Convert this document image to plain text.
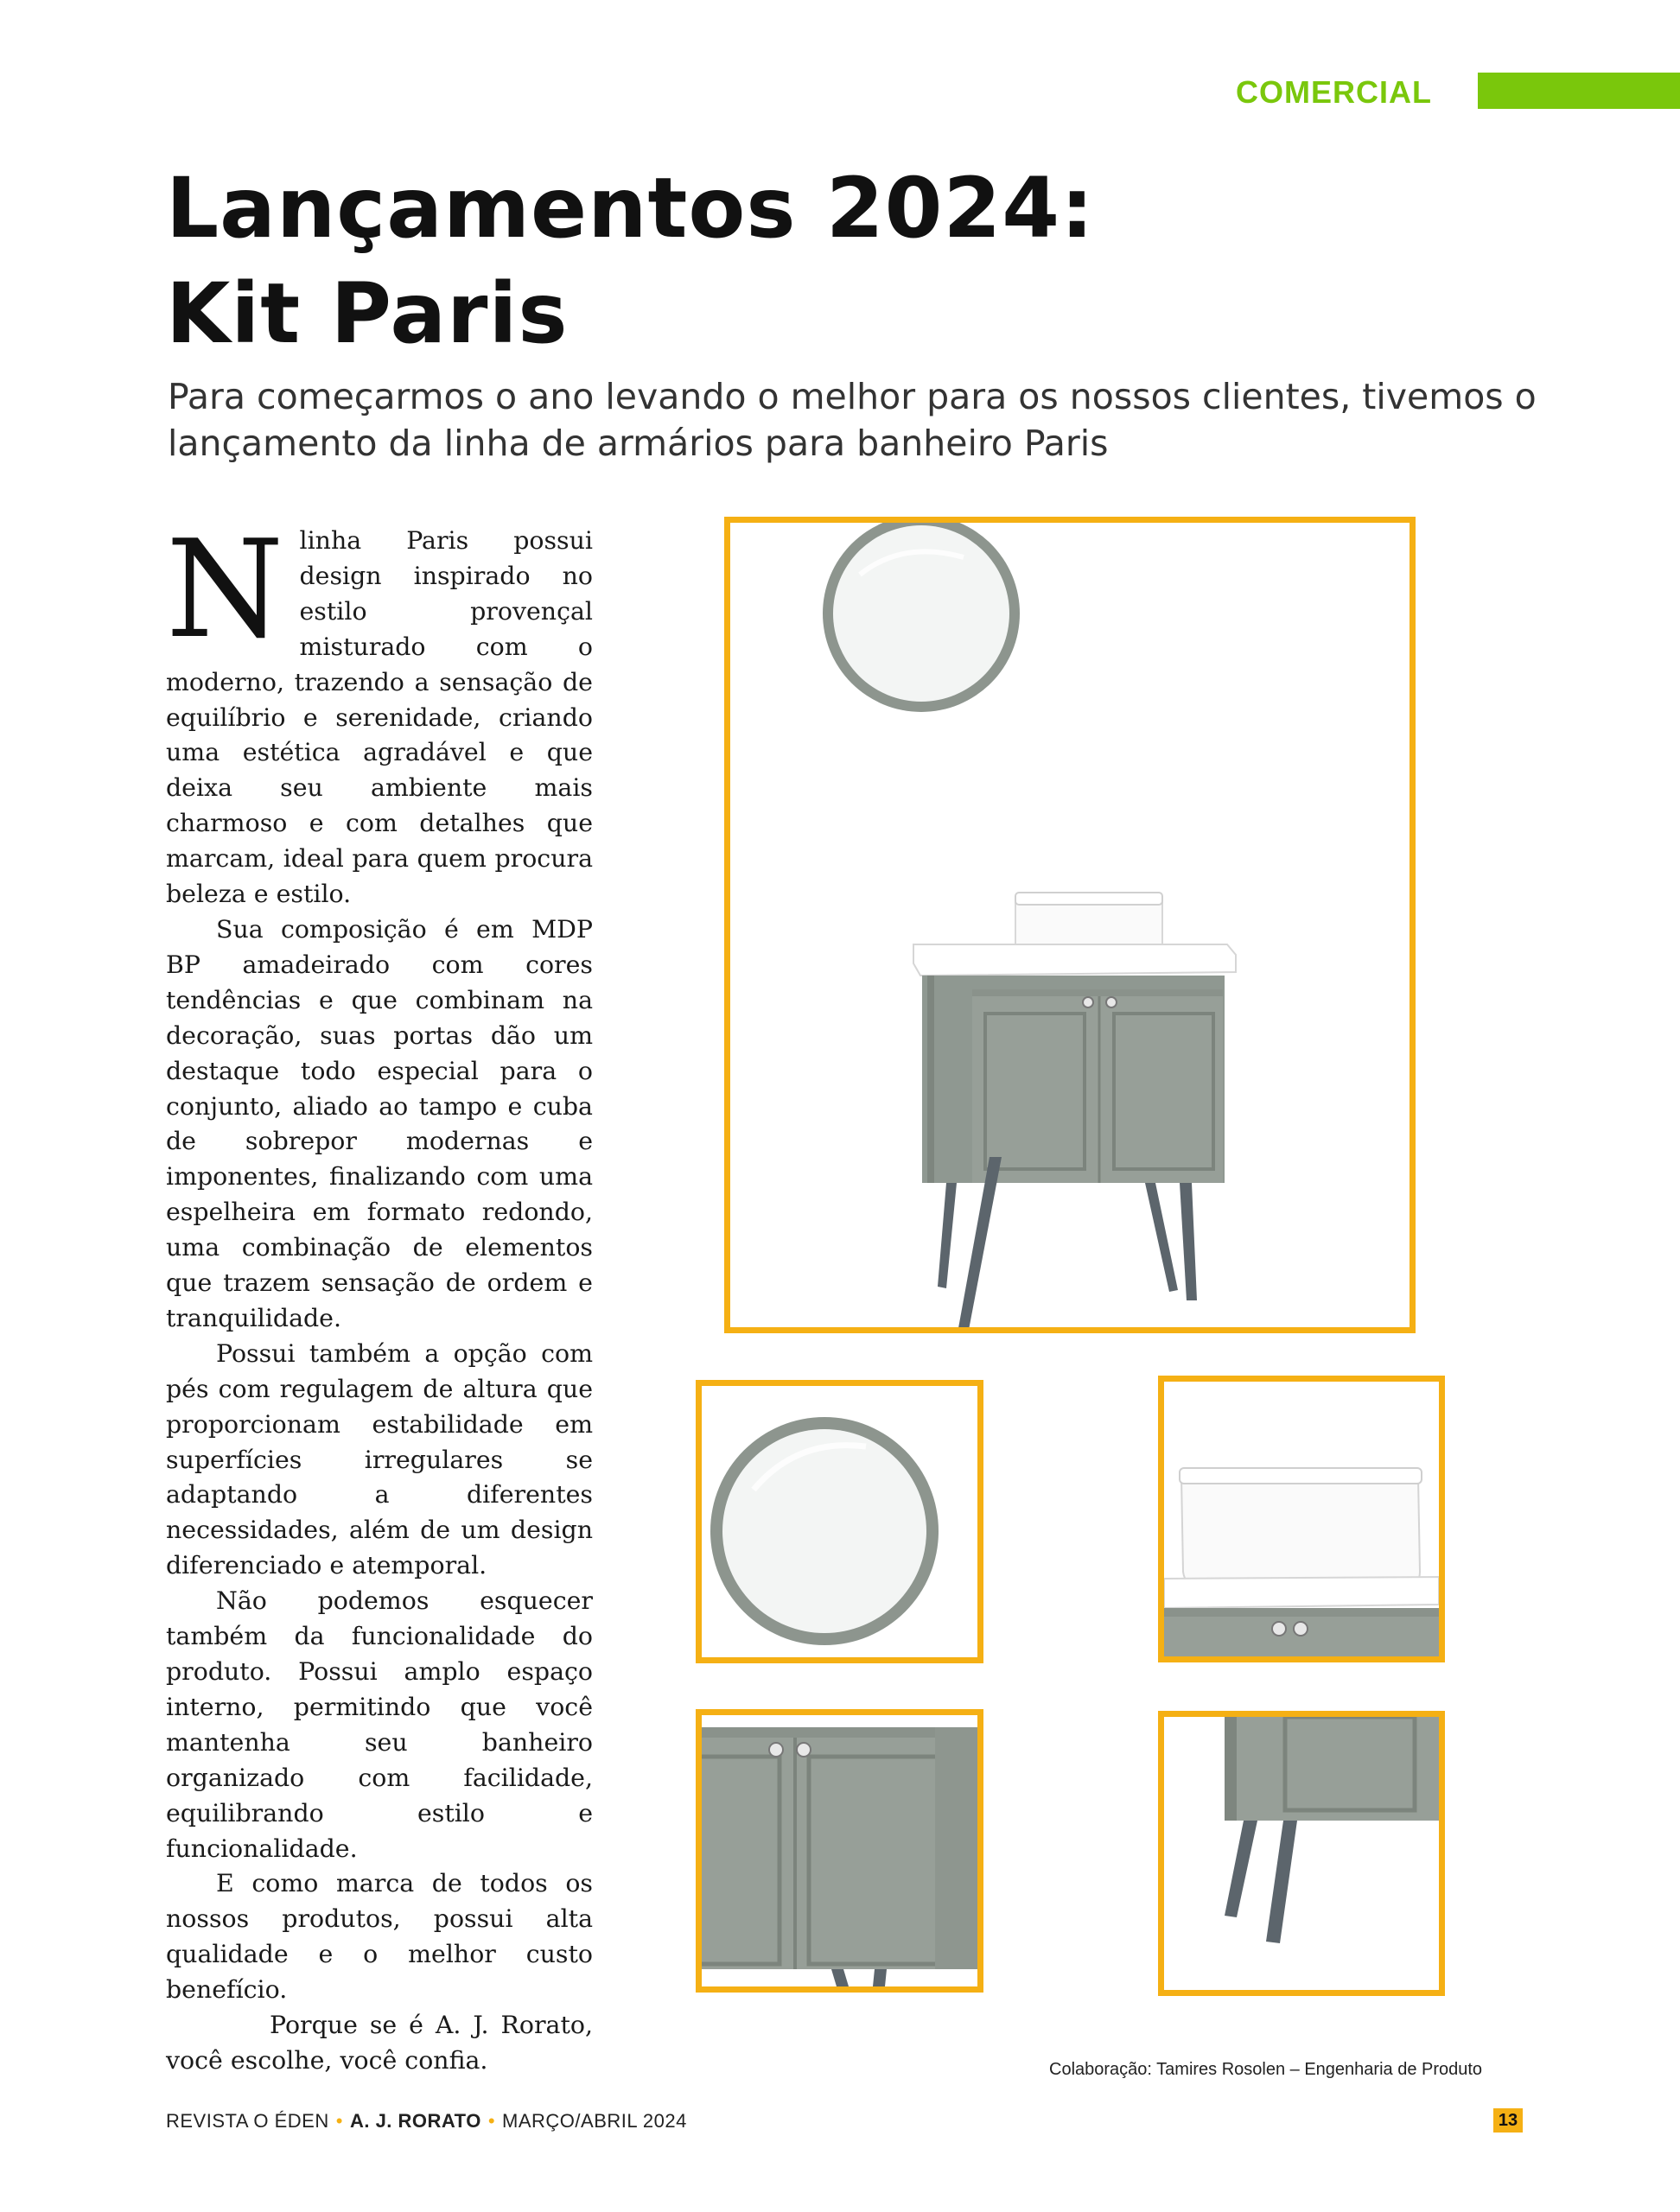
COMERCIAL
Lançamentos 2024:
Kit Paris

Para começarmos o ano levando o melhor para os nossos clientes, tivemos o lançamento da linha de armários para banheiro Paris

Nlinha Paris possui design inspirado no estilo provençal misturado com o moderno, trazendo a sensação de equilíbrio e serenidade, criando uma estética agradável e que deixa seu ambiente mais charmoso e com detalhes que marcam, ideal para quem procura beleza e estilo.

Sua composição é em MDP BP amadeirado com cores tendências e que combinam na decoração, suas portas dão um destaque todo especial para o conjunto, aliado ao tampo e cuba de sobrepor modernas e imponentes, finalizando com uma espelheira em formato redondo, uma combinação de elementos que trazem sensação de ordem e tranquilidade.

Possui também a opção com pés com regulagem de altura que proporcionam estabilidade em superfícies irregulares se adaptando a diferentes necessidades, além de um design diferenciado e atemporal.

Não podemos esquecer também da funcionalidade do produto. Possui amplo espaço interno, permitindo que você mantenha seu banheiro organizado com facilidade, equilibrando estilo e funcionalidade.

E como marca de todos os nossos produtos, possui alta qualidade e o melhor custo benefício.

Porque se é A. J. Rorato, você escolhe, você confia.	Colaboração: Tamires Rosolen – Engenharia de Produto
REVISTA O ÉDEN • A. J. RORATO • MARÇO/ABRIL 2024	13
